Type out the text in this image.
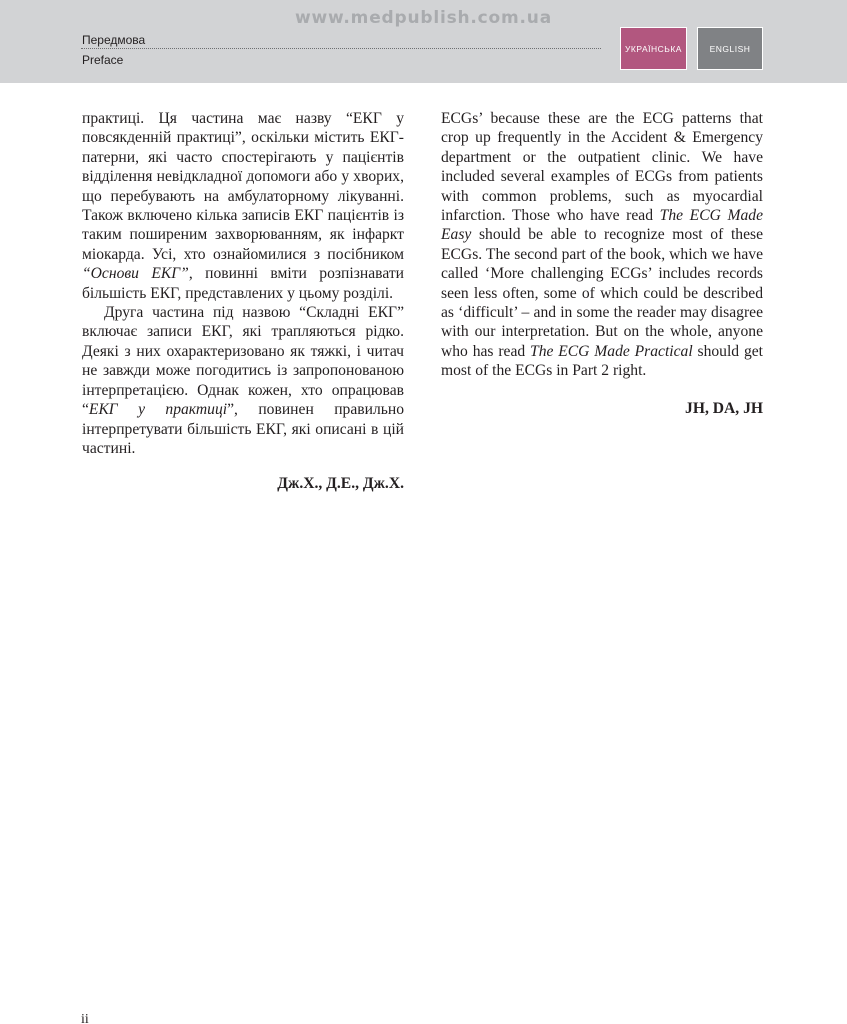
www.medpublish.com.ua
Передмова
Preface
УКРАЇНСЬКА	ENGLISH

практиці. Ця частина має назву “ЕКГ у повсякденній практиці”, оскільки містить ЕКГ-патерни, які часто спостерігають у пацієнтів відділення невідкладної допомоги або у хворих, що перебувають на амбулаторному лікуванні. Також включено кілька записів ЕКГ пацієнтів із таким поширеним захворюванням, як інфаркт міокарда. Усі, хто ознайомилися з посібником “Основи ЕКГ”, повинні вміти розпізнавати більшість ЕКГ, представлених у цьому розділі.

Друга частина під назвою “Складні ЕКГ” включає записи ЕКГ, які трапляються рідко. Деякі з них охарактеризовано як тяжкі, і читач не завжди може погодитись із запропонованою інтерпретацією. Однак кожен, хто опрацював “ЕКГ у практиці”, повинен правильно інтерпретувати більшість ЕКГ, які описані в цій частині.

Дж.Х., Д.Е., Дж.Х.

ECGs’ because these are the ECG patterns that crop up frequently in the Accident & Emergency department or the outpatient clinic. We have included several examples of ECGs from patients with common problems, such as myocardial infarction. Those who have read The ECG Made Easy should be able to recognize most of these ECGs. The second part of the book, which we have called ‘More challenging ECGs’ includes records seen less often, some of which could be described as ‘difficult’ – and in some the reader may disagree with our interpretation. But on the whole, anyone who has read The ECG Made Practical should get most of the ECGs in Part 2 right.

JH, DA, JH

ii
